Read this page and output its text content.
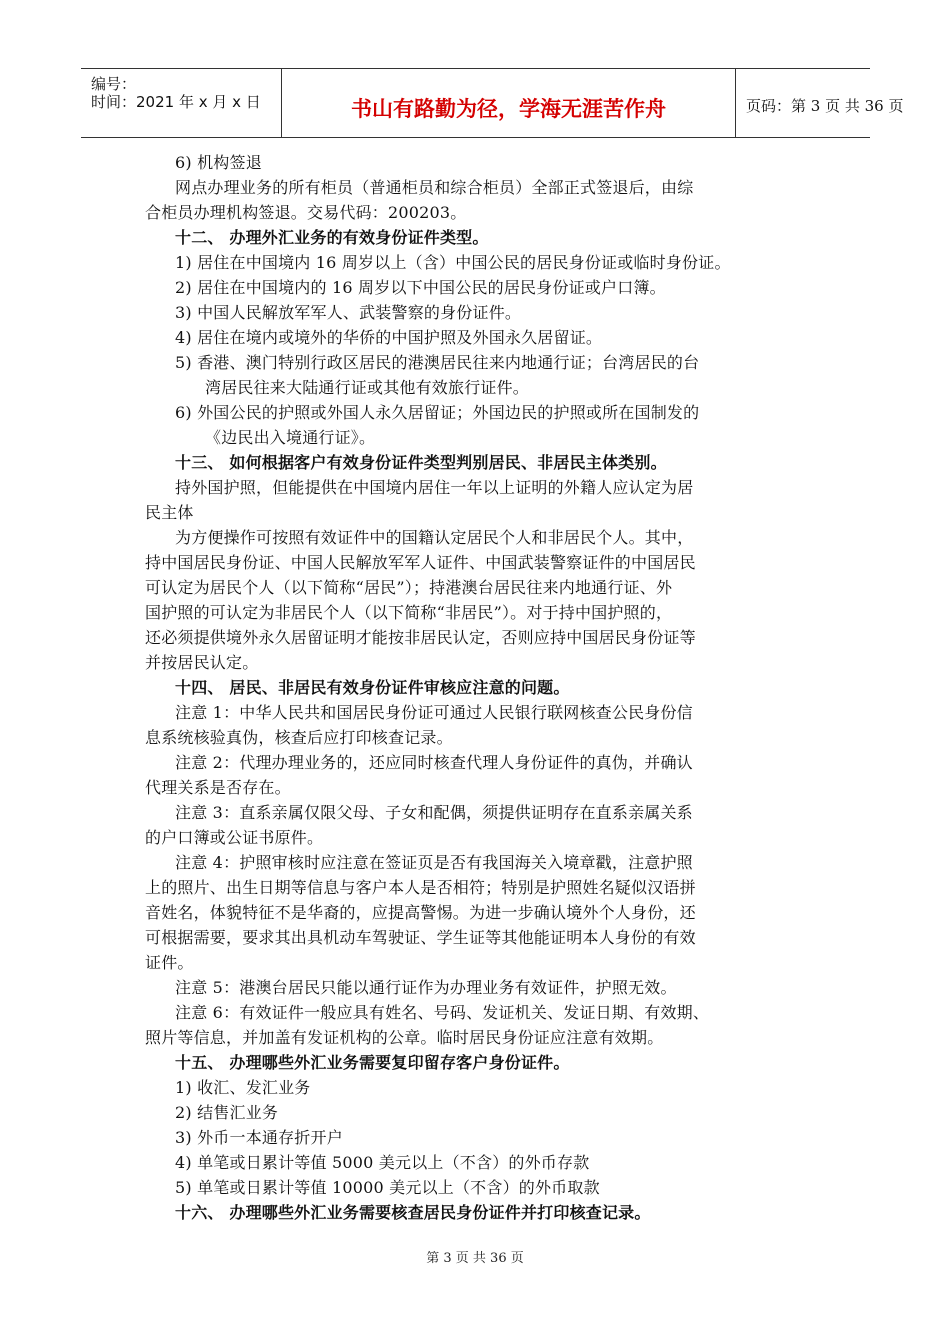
编号：
时间：2021 年 x 月 x 日	书山有路勤为径，学海无涯苦作舟	页码：第 3 页 共 36 页
6) 机构签退
网点办理业务的所有柜员（普通柜员和综合柜员）全部正式签退后，由综
合柜员办理机构签退。交易代码：200203。
十二、 办理外汇业务的有效身份证件类型。
1) 居住在中国境内 16 周岁以上（含）中国公民的居民身份证或临时身份证。
2) 居住在中国境内的 16 周岁以下中国公民的居民身份证或户口簿。
3) 中国人民解放军军人、武装警察的身份证件。
4) 居住在境内或境外的华侨的中国护照及外国永久居留证。
5) 香港、澳门特别行政区居民的港澳居民往来内地通行证；台湾居民的台
湾居民往来大陆通行证或其他有效旅行证件。
6) 外国公民的护照或外国人永久居留证；外国边民的护照或所在国制发的
《边民出入境通行证》。
十三、 如何根据客户有效身份证件类型判别居民、非居民主体类别。
持外国护照，但能提供在中国境内居住一年以上证明的外籍人应认定为居
民主体
为方便操作可按照有效证件中的国籍认定居民个人和非居民个人。其中，
持中国居民身份证、中国人民解放军军人证件、中国武装警察证件的中国居民
可认定为居民个人（以下简称“居民”）；持港澳台居民往来内地通行证、外
国护照的可认定为非居民个人（以下简称“非居民”）。对于持中国护照的，
还必须提供境外永久居留证明才能按非居民认定，否则应持中国居民身份证等
并按居民认定。
十四、 居民、非居民有效身份证件审核应注意的问题。
注意 1：中华人民共和国居民身份证可通过人民银行联网核查公民身份信
息系统核验真伪，核查后应打印核查记录。
注意 2：代理办理业务的，还应同时核查代理人身份证件的真伪，并确认
代理关系是否存在。
注意 3：直系亲属仅限父母、子女和配偶，须提供证明存在直系亲属关系
的户口簿或公证书原件。
注意 4：护照审核时应注意在签证页是否有我国海关入境章戳，注意护照
上的照片、出生日期等信息与客户本人是否相符；特别是护照姓名疑似汉语拼
音姓名，体貌特征不是华裔的，应提高警惕。为进一步确认境外个人身份，还
可根据需要，要求其出具机动车驾驶证、学生证等其他能证明本人身份的有效
证件。
注意 5：港澳台居民只能以通行证作为办理业务有效证件，护照无效。
注意 6：有效证件一般应具有姓名、号码、发证机关、发证日期、有效期、
照片等信息，并加盖有发证机构的公章。临时居民身份证应注意有效期。
十五、 办理哪些外汇业务需要复印留存客户身份证件。
1) 收汇、发汇业务
2) 结售汇业务
3) 外币一本通存折开户
4) 单笔或日累计等值 5000 美元以上（不含）的外币存款
5) 单笔或日累计等值 10000 美元以上（不含）的外币取款
十六、 办理哪些外汇业务需要核查居民身份证件并打印核查记录。
第 3 页 共 36 页
